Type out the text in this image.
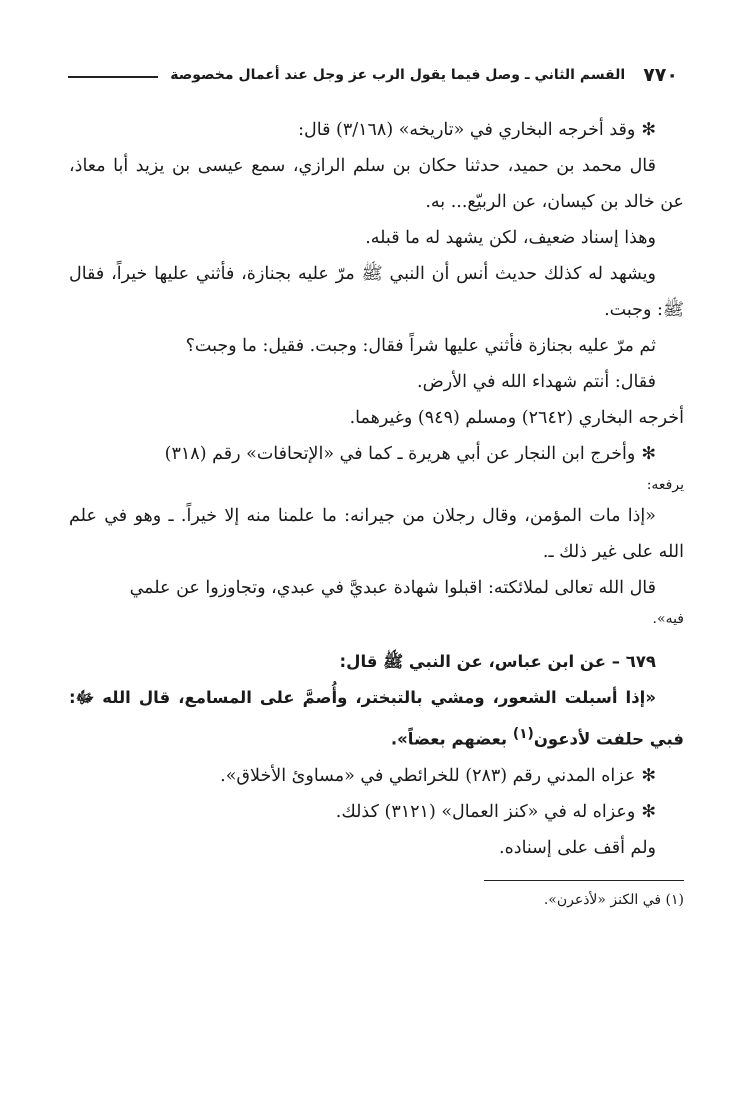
٧٧٠
القسم الثاني ـ وصل فيما يقول الرب عز وجل عند أعمال مخصوصة

✻وقد أخرجه البخاري في «تاريخه» (٣/١٦٨) قال:

قال محمد بن حميد، حدثنا حكان بن سلم الرازي، سمع عيسى بن يزيد أبا معاذ، عن خالد بن كيسان، عن الربيّع... به.

وهذا إسناد ضعيف، لكن يشهد له ما قبله.

ويشهد له كذلك حديث أنس أن النبي ﷺ مرّ عليه بجنازة، فأثني عليها خيراً، فقال ﷺ: وجبت.

ثم مرّ عليه بجنازة فأثني عليها شراً فقال: وجبت. فقيل: ما وجبت؟

فقال: أنتم شهداء الله في الأرض.

أخرجه البخاري (٢٦٤٢) ومسلم (٩٤٩) وغيرهما.

✻وأخرج ابن النجار عن أبي هريرة ـ كما في «الإتحافات» رقم (٣١٨)

يرفعه:

«إذا مات المؤمن، وقال رجلان من جيرانه: ما علمنا منه إلا خيراً. ـ وهو في علم الله على غير ذلك ـ.

قال الله تعالى لملائكته: اقبلوا شهادة عبديَّ في عبدي، وتجاوزوا عن علمي

فيه».

٦٧٩ – عن ابن عباس، عن النبي ﷺ قال:

«إذا أسبلت الشعور، ومشي بالتبختر، وأُصمَّ على المسامع، قال الله ﷻ: فبي حلفت لأدعون$^{(١)}$ بعضهم بعضاً».

✻عزاه المدني رقم (٢٨٣) للخرائطي في «مساوئ الأخلاق».

✻وعزاه له في «كنز العمال» (٣١٢١) كذلك.

ولم أقف على إسناده.

(١) في الكنز «لأذعرن».
